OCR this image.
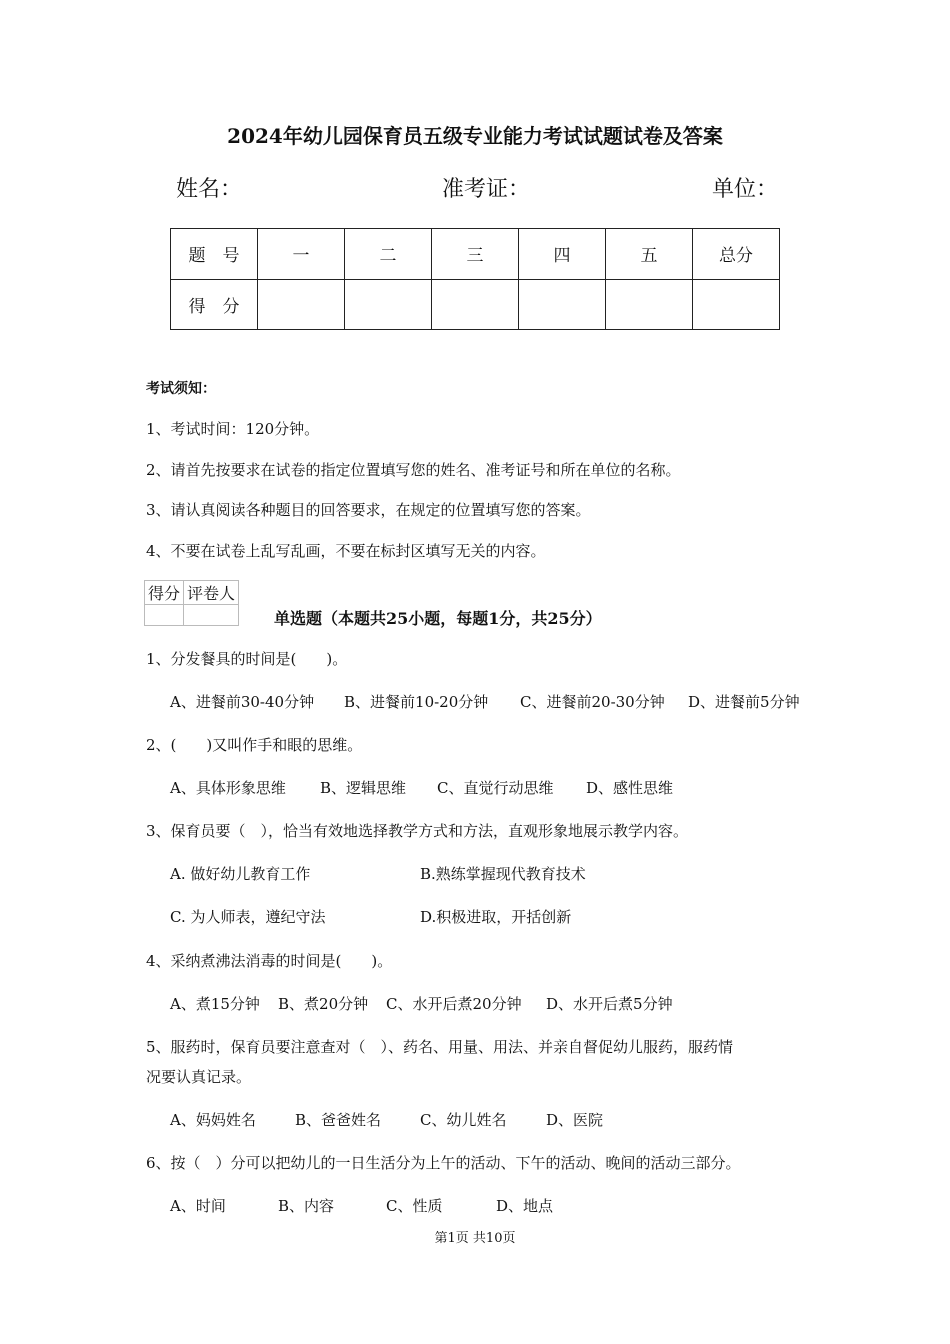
2024年幼儿园保育员五级专业能力考试试题试卷及答案
姓名：	准考证：	单位：
题　号	一	二	三	四	五	总分
得　分						
考试须知：
1、考试时间：120分钟。
2、请首先按要求在试卷的指定位置填写您的姓名、准考证号和所在单位的名称。
3、请认真阅读各种题目的回答要求，在规定的位置填写您的答案。
4、不要在试卷上乱写乱画，不要在标封区填写无关的内容。
得分	评卷人

单选题（本题共25小题，每题1分，共25分）
1、分发餐具的时间是(　　)。
A、进餐前30-40分钟 B、进餐前10-20分钟 C、进餐前20-30分钟 D、进餐前5分钟
2、(　　)又叫作手和眼的思维。
A、具体形象思维 B、逻辑思维 C、直觉行动思维 D、感性思维
3、保育员要（　），恰当有效地选择教学方式和方法，直观形象地展示教学内容。
A. 做好幼儿教育工作	B.熟练掌握现代教育技术
C. 为人师表，遵纪守法	D.积极进取，开括创新
4、采纳煮沸法消毒的时间是(　　)。
A、煮15分钟 B、煮20分钟 C、水开后煮20分钟 D、水开后煮5分钟
5、服药时，保育员要注意查对（　）、药名、用量、用法、并亲自督促幼儿服药，服药情
况要认真记录。
A、妈妈姓名	B、爸爸姓名	C、幼儿姓名	D、医院
6、按（　）分可以把幼儿的一日生活分为上午的活动、下午的活动、晚间的活动三部分。
A、时间	B、内容	C、性质	D、地点
第1页 共10页
